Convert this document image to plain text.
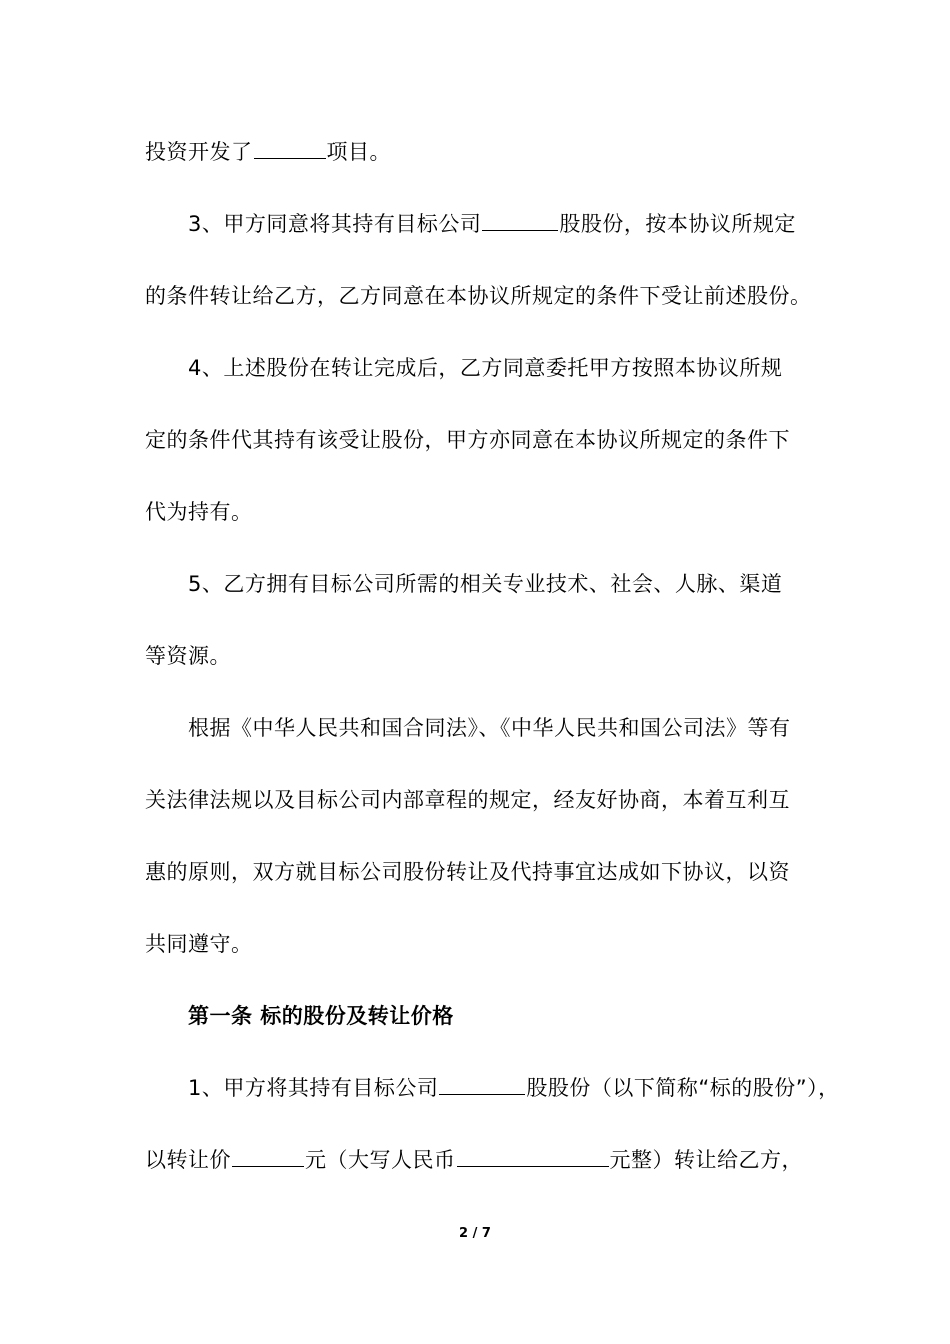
投资开发了	项目。
3、甲方同意将其持有目标公司	股股份，按本协议所规定
的条件转让给乙方，乙方同意在本协议所规定的条件下受让前述股份。
4、上述股份在转让完成后，乙方同意委托甲方按照本协议所规
定的条件代其持有该受让股份，甲方亦同意在本协议所规定的条件下
代为持有。
5、乙方拥有目标公司所需的相关专业技术、社会、人脉、渠道
等资源。
根据《中华人民共和国合同法》、《中华人民共和国公司法》等有
关法律法规以及目标公司内部章程的规定，经友好协商，本着互利互
惠的原则，双方就目标公司股份转让及代持事宜达成如下协议，以资
共同遵守。
第一条 标的股份及转让价格
1、甲方将其持有目标公司	股股份（以下简称“标的股份”），
以转让价	元（大写人民币	元整）转让给乙方，
2 / 7
